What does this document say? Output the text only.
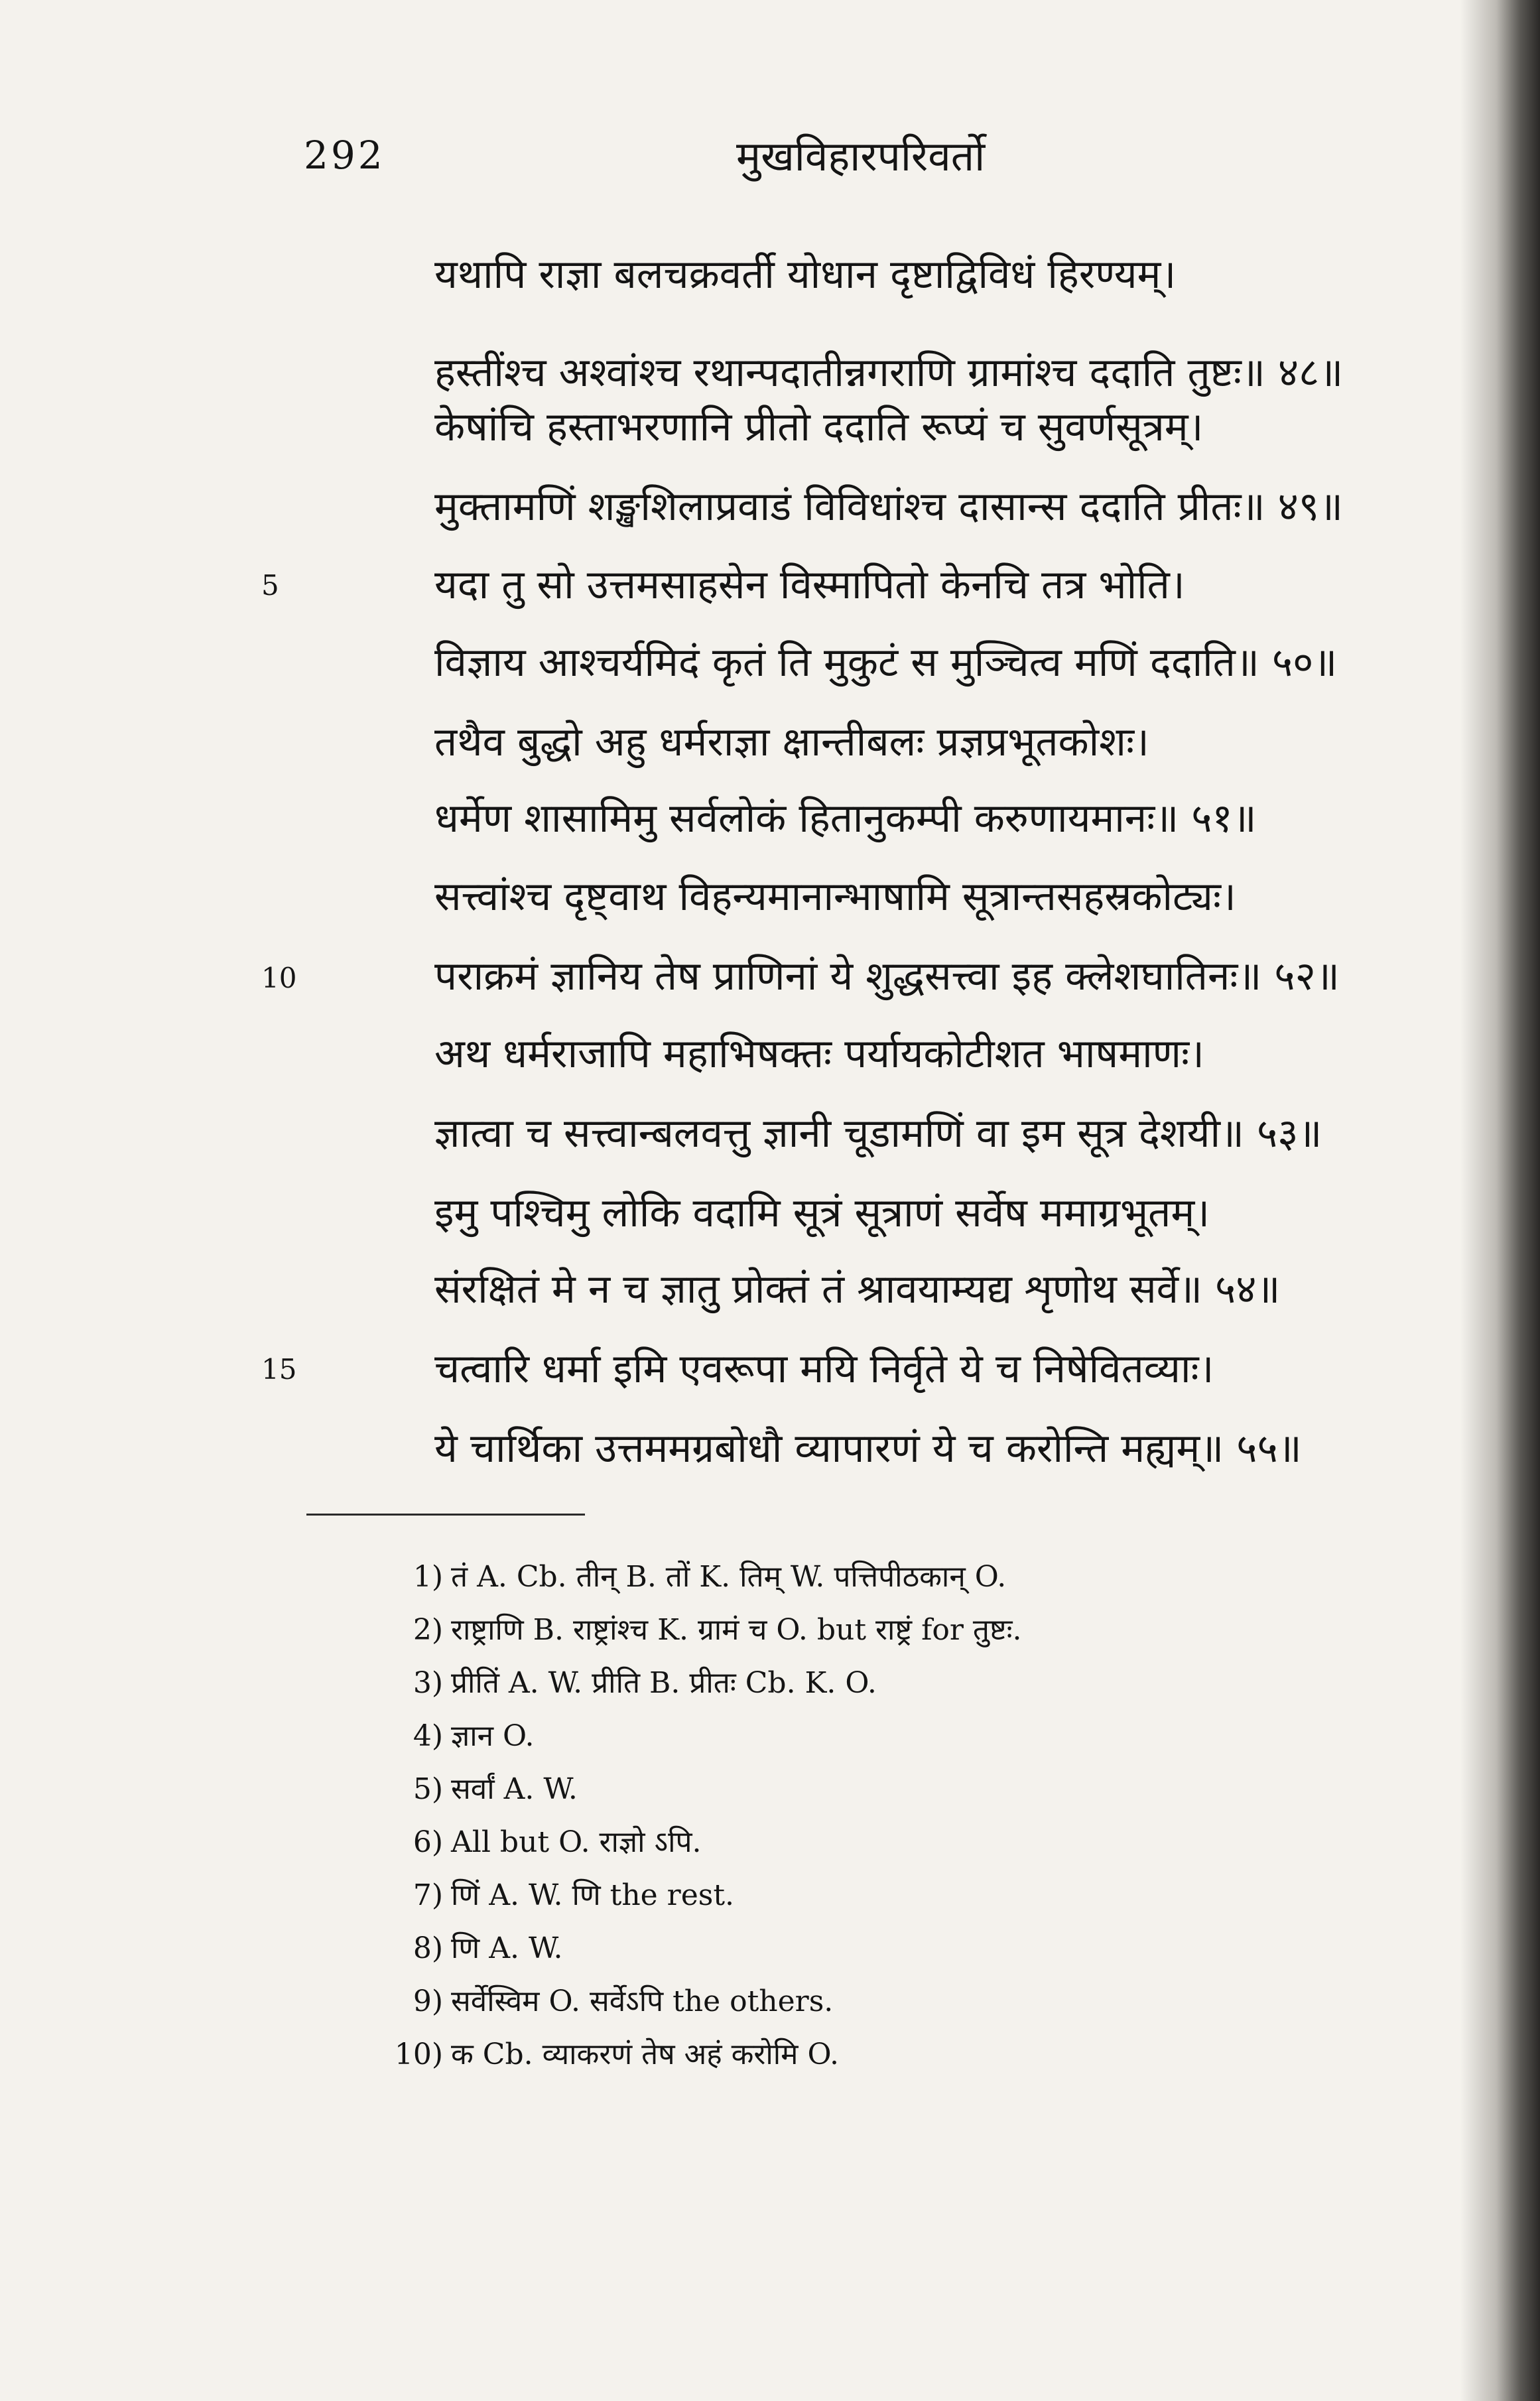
292	मुखविहारपरिवर्तो
यथापि राज्ञा बलचक्रवर्ती योधान दृष्टाद्विविधं हिरण्यम्।
हस्तींश्च अश्वांश्च रथान्पदातीन्नगराणि ग्रामांश्च ददाति तुष्टः॥ ४८॥
केषांचि हस्ताभरणानि प्रीतो ददाति रूप्यं च सुवर्णसूत्रम्।
मुक्तामणिं शङ्खशिलाप्रवाडं विविधांश्च दासान्स ददाति प्रीतः॥ ४९॥
यदा तु सो उत्तमसाहसेन विस्मापितो केनचि तत्र भोति।
विज्ञाय आश्चर्यमिदं कृतं ति मुकुटं स मुञ्चित्व मणिं ददाति॥ ५०॥
तथैव बुद्धो अहु धर्मराज्ञा क्षान्तीबलः प्रज्ञप्रभूतकोशः।
धर्मेण शासामिमु सर्वलोकं हितानुकम्पी करुणायमानः॥ ५१॥
सत्त्वांश्च दृष्ट्वाथ विहन्यमानान्भाषामि सूत्रान्तसहस्रकोट्यः।
पराक्रमं ज्ञानिय तेष प्राणिनां ये शुद्धसत्त्वा इह क्लेशघातिनः॥ ५२॥
अथ धर्मराजापि महाभिषक्तः पर्यायकोटीशत भाषमाणः।
ज्ञात्वा च सत्त्वान्बलवत्तु ज्ञानी चूडामणिं वा इम सूत्र देशयी॥ ५३॥
इमु पश्चिमु लोकि वदामि सूत्रं सूत्राणं सर्वेष ममाग्रभूतम्।
संरक्षितं मे न च ज्ञातु प्रोक्तं तं श्रावयाम्यद्य शृणोथ सर्वे॥ ५४॥
चत्वारि धर्मा इमि एवरूपा मयि निर्वृते ये च निषेवितव्याः।
ये चार्थिका उत्तममग्रबोधौ व्यापारणं ये च करोन्ति मह्यम्॥ ५५॥
5
10
15
1) तं A. Cb. तीन् B. तों K. तिम् W. पत्तिपीठकान् O.
2) राष्ट्राणि B. राष्ट्रांश्च K. ग्रामं च O. but राष्ट्रं for तुष्टः.
3) प्रीतिं A. W. प्रीति B. प्रीतः Cb. K. O.
4) ज्ञान O.
5) सर्वां A. W.
6) All but O. राज्ञो ऽपि.
7) णिं A. W. णि the rest.
8) णि A. W.
9) सर्वेस्विम O. सर्वेऽपि the others.
10) क Cb. व्याकरणं तेष अहं करोमि O.
